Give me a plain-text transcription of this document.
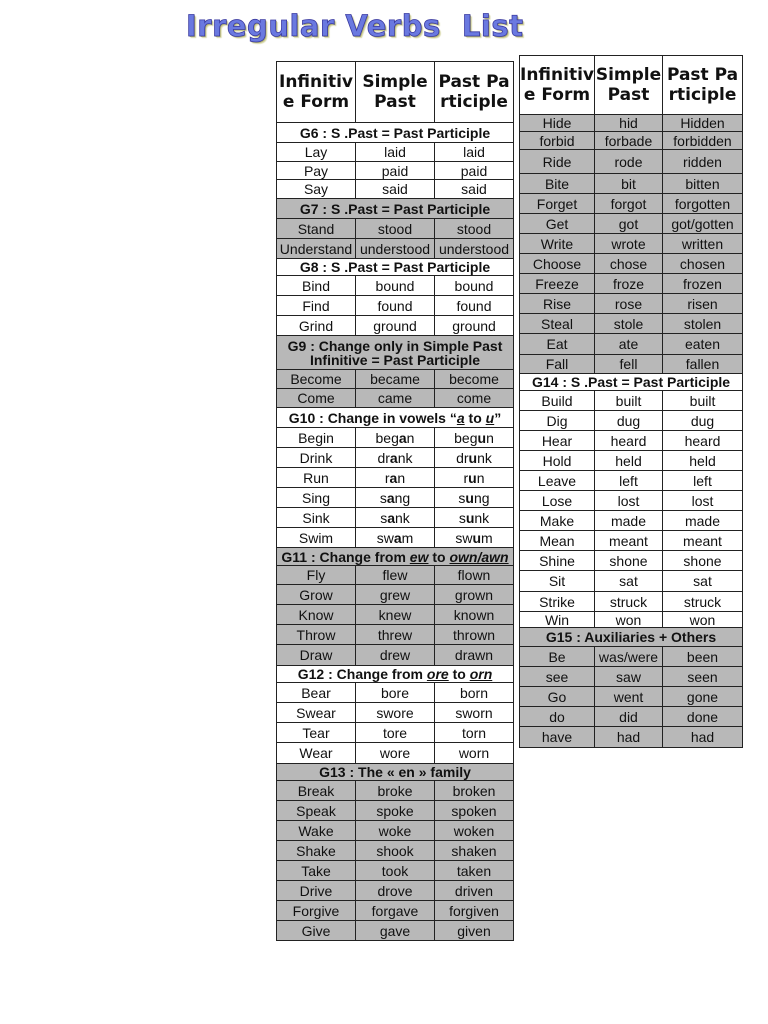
Irregular Verbs  List
Infinitive Form	Simple Past	Past Participle
G6 : S .Past = Past Participle		
Lay	laid	laid
Pay	paid	paid
Say	said	said
G7 : S .Past = Past Participle		
Stand	stood	stood
Understand	understood	understood
G8 : S .Past = Past Participle		
Bind	bound	bound
Find	found	found
Grind	ground	ground
G9 : Change only in Simple Past
Infinitive = Past Participle		
Become	became	become
Come	came	come
G10 : Change in vowels “a to u”		
Begin	began	begun
Drink	drank	drunk
Run	ran	run
Sing	sang	sung
Sink	sank	sunk
Swim	swam	swum
G11 : Change from ew to own/awn		
Fly	flew	flown
Grow	grew	grown
Know	knew	known
Throw	threw	thrown
Draw	drew	drawn
G12 : Change from ore to orn		
Bear	bore	born
Swear	swore	sworn
Tear	tore	torn
Wear	wore	worn
G13 : The « en » family		
Break	broke	broken
Speak	spoke	spoken
Wake	woke	woken
Shake	shook	shaken
Take	took	taken
Drive	drove	driven
Forgive	forgave	forgiven
Give	gave	given
Infinitive Form	Simple Past	Past Participle
Hide	hid	Hidden
forbid	forbade	forbidden
Ride	rode	ridden
Bite	bit	bitten
Forget	forgot	forgotten
Get	got	got/gotten
Write	wrote	written
Choose	chose	chosen
Freeze	froze	frozen
Rise	rose	risen
Steal	stole	stolen
Eat	ate	eaten
Fall	fell	fallen
G14 : S .Past = Past Participle		
Build	built	built
Dig	dug	dug
Hear	heard	heard
Hold	held	held
Leave	left	left
Lose	lost	lost
Make	made	made
Mean	meant	meant
Shine	shone	shone
Sit	sat	sat
Strike	struck	struck
Win	won	won
G15 : Auxiliaries + Others		
Be	was/were	been
see	saw	seen
Go	went	gone
do	did	done
have	had	had
